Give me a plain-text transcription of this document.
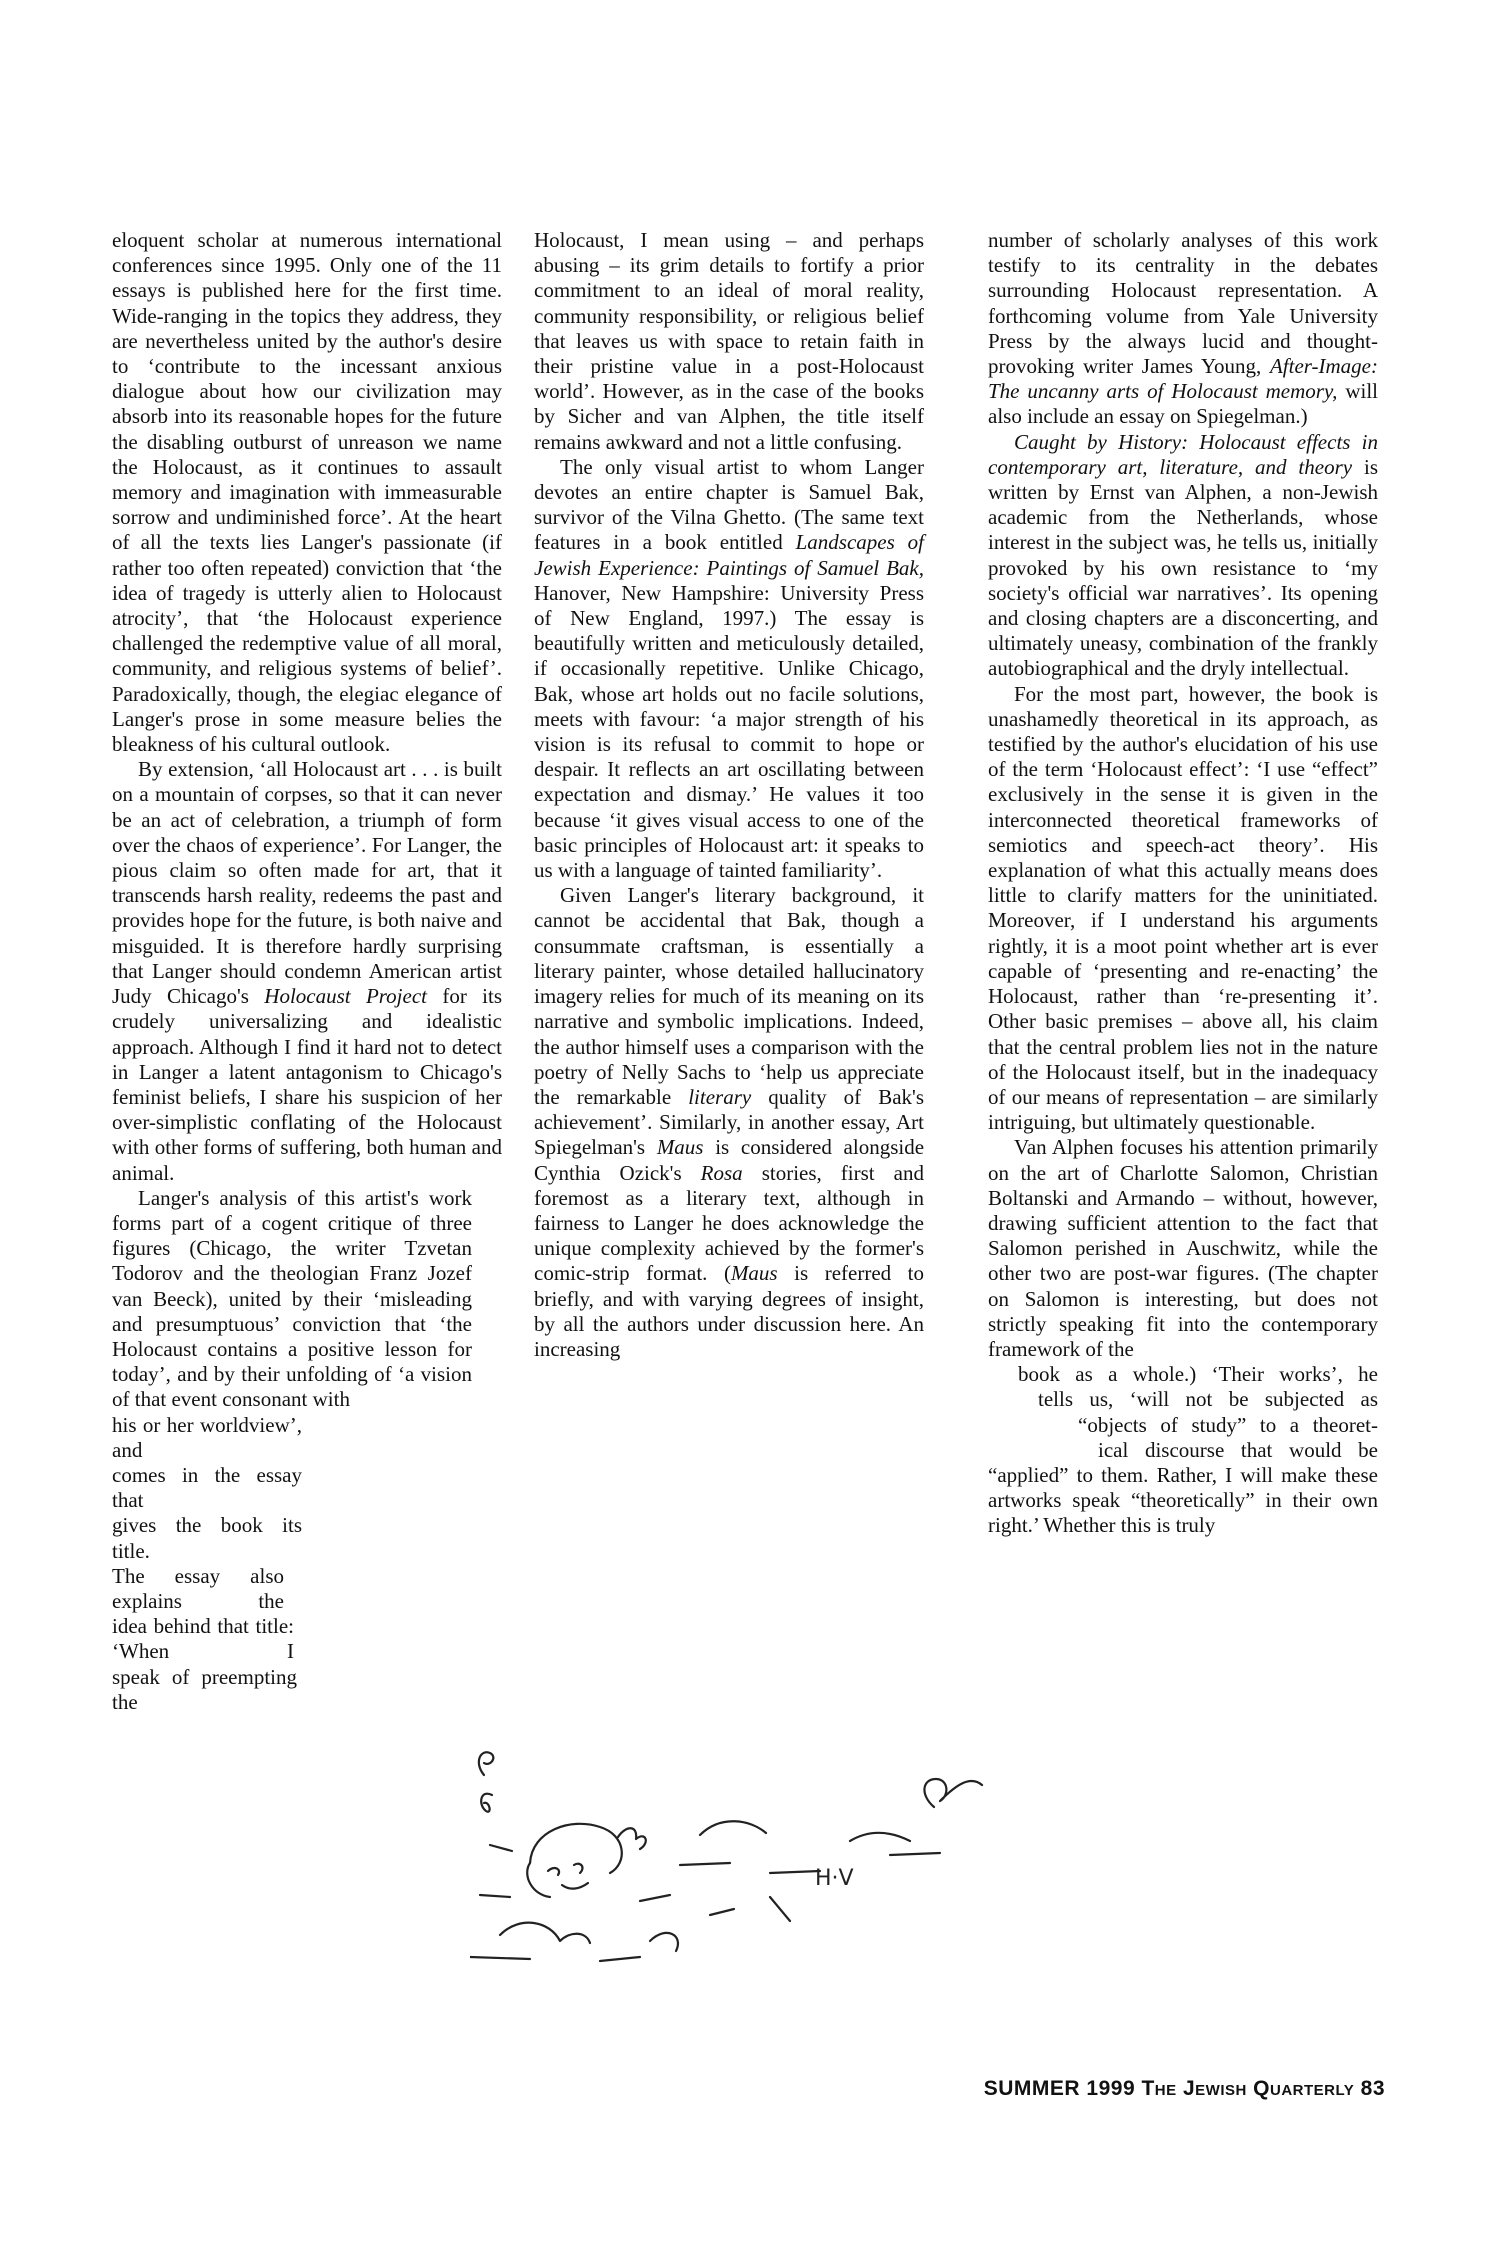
eloquent scholar at numerous international conferences since 1995. Only one of the 11 essays is published here for the first time. Wide-ranging in the topics they address, they are nevertheless united by the author's desire to ‘contribute to the incessant anxious dialogue about how our civilization may absorb into its reasonable hopes for the future the disabling outburst of unreason we name the Holocaust, as it continues to assault memory and imagination with immeasurable sorrow and undiminished force’. At the heart of all the texts lies Langer's passionate (if rather too often repeated) conviction that ‘the idea of tragedy is utterly alien to Holocaust atrocity’, that ‘the Holocaust experience challenged the redemptive value of all moral, community, and religious systems of belief’. Paradoxically, though, the elegiac elegance of Langer's prose in some measure belies the bleakness of his cultural outlook.

By extension, ‘all Holocaust art . . . is built on a mountain of corpses, so that it can never be an act of celebration, a triumph of form over the chaos of experience’. For Langer, the pious claim so often made for art, that it transcends harsh reality, redeems the past and provides hope for the future, is both naive and misguided. It is therefore hardly surprising that Langer should condemn American artist Judy Chicago's Holocaust Project for its crudely universalizing and idealistic approach. Although I find it hard not to detect in Langer a latent antagonism to Chicago's feminist beliefs, I share his suspicion of her over-simplistic conflating of the Holocaust with other forms of suffering, both human and animal.

Langer's analysis of this artist's work forms part of a cogent critique of three figures (Chicago, the writer Tzvetan Todorov and the theologian Franz Jozef van Beeck), united by their ‘misleading and presumptuous’ conviction that ‘the Holocaust contains a positive lesson for today’, and by their unfolding of ‘a vision of that event consonant with

his or her worldview’, and
comes in the essay that
gives the book its title.
The essay also explains the
idea behind that title: ‘When I
speak of preempting the

Holocaust, I mean using – and perhaps abusing – its grim details to fortify a prior commitment to an ideal of moral reality, community responsibility, or religious belief that leaves us with space to retain faith in their pristine value in a post-Holocaust world’. However, as in the case of the books by Sicher and van Alphen, the title itself remains awkward and not a little confusing.

The only visual artist to whom Langer devotes an entire chapter is Samuel Bak, survivor of the Vilna Ghetto. (The same text features in a book entitled Landscapes of Jewish Experience: Paintings of Samuel Bak, Hanover, New Hampshire: University Press of New England, 1997.) The essay is beautifully written and meticulously detailed, if occasionally repetitive. Unlike Chicago, Bak, whose art holds out no facile solutions, meets with favour: ‘a major strength of his vision is its refusal to commit to hope or despair. It reflects an art oscillating between expectation and dismay.’ He values it too because ‘it gives visual access to one of the basic principles of Holocaust art: it speaks to us with a language of tainted familiarity’.

Given Langer's literary background, it cannot be accidental that Bak, though a consummate craftsman, is essentially a literary painter, whose detailed hallucinatory imagery relies for much of its meaning on its narrative and symbolic implications. Indeed, the author himself uses a comparison with the poetry of Nelly Sachs to ‘help us appreciate the remarkable literary quality of Bak's achievement’. Similarly, in another essay, Art Spiegelman's Maus is considered alongside Cynthia Ozick's Rosa stories, first and foremost as a literary text, although in fairness to Langer he does acknowledge the unique complexity achieved by the former's comic-strip format. (Maus is referred to briefly, and with varying degrees of insight, by all the authors under discussion here. An increasing

number of scholarly analyses of this work testify to its centrality in the debates surrounding Holocaust representation. A forthcoming volume from Yale University Press by the always lucid and thought-provoking writer James Young, After-Image: The uncanny arts of Holocaust memory, will also include an essay on Spiegelman.)

Caught by History: Holocaust effects in contemporary art, literature, and theory is written by Ernst van Alphen, a non-Jewish academic from the Netherlands, whose interest in the subject was, he tells us, initially provoked by his own resistance to ‘my society's official war narratives’. Its opening and closing chapters are a disconcerting, and ultimately uneasy, combination of the frankly autobiographical and the dryly intellectual.

For the most part, however, the book is unashamedly theoretical in its approach, as testified by the author's elucidation of his use of the term ‘Holocaust effect’: ‘I use “effect” exclusively in the sense it is given in the interconnected theoretical frameworks of semiotics and speech-act theory’. His explanation of what this actually means does little to clarify matters for the uninitiated. Moreover, if I understand his arguments rightly, it is a moot point whether art is ever capable of ‘presenting and re-enacting’ the Holocaust, rather than ‘re-presenting it’. Other basic premises – above all, his claim that the central problem lies not in the nature of the Holocaust itself, but in the inadequacy of our means of representation – are similarly intriguing, but ultimately questionable.

Van Alphen focuses his attention primarily on the art of Charlotte Salomon, Christian Boltanski and Armando – without, however, drawing sufficient attention to the fact that Salomon perished in Auschwitz, while the other two are post-war figures. (The chapter on Salomon is interesting, but does not strictly speaking fit into the contemporary framework of the

book as a whole.) ‘Their works’, he
tells us, ‘will not be subjected as
“objects of study” to a theoret-
ical discourse that would be

“applied” to them. Rather, I will make these artworks speak “theoretically” in their own right.’ Whether this is truly

H·V
SUMMER 1999 The Jewish Quarterly 83
